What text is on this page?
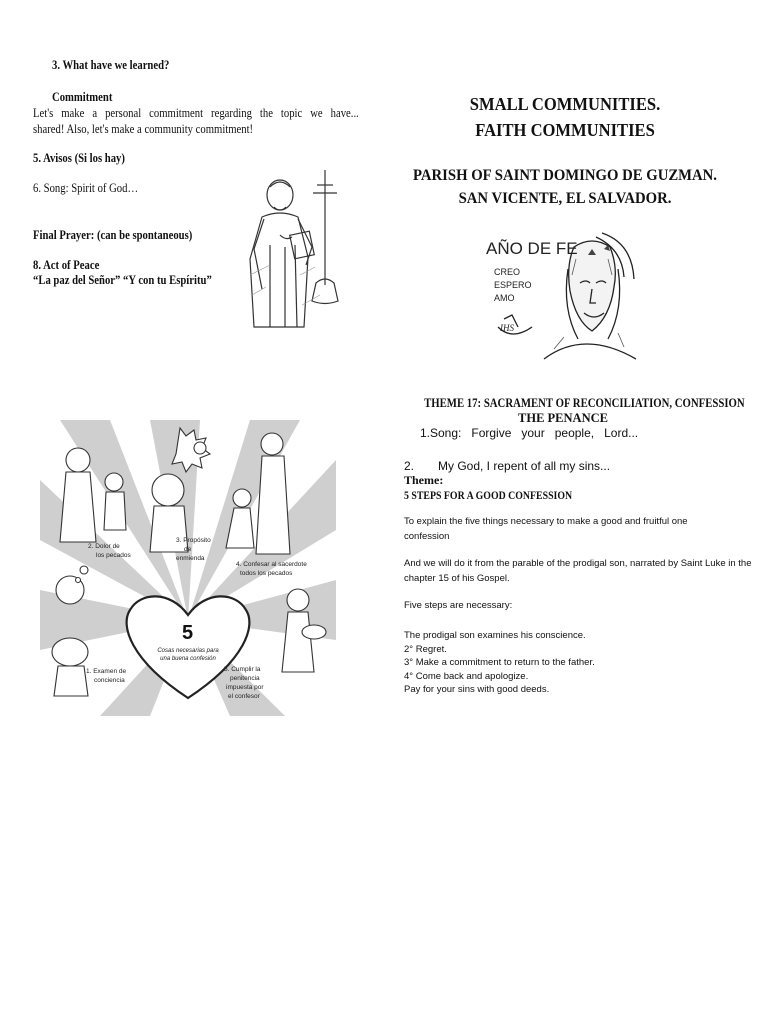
3. What have we learned?
Commitment
Let's   make   a   personal   commitment   regarding   the   topic   we   have...
shared! Also, let's make a community commitment!
5. Avisos (Si los hay)
6. Song: Spirit of God…
Final Prayer: (can be spontaneous)
8. Act of Peace
“La paz del Señor” “Y con tu Espíritu”
5
Cosas necesarias para
una buena confesión
2. Dolor de
los pecados
3. Propósito
de
enmienda
4. Confesar al sacerdote
todos los pecados
1. Examen de
conciencia
5. Cumplir la
penitencia
impuesta por
el confesor
SMALL COMMUNITIES.
FAITH COMMUNITIES
PARISH OF SAINT DOMINGO DE GUZMAN.
SAN VICENTE, EL SALVADOR.
AÑO DE FE
CREO
ESPERO
AMO
IHS
THEME 17: SACRAMENT OF RECONCILIATION, CONFESSION
THE PENANCE
1.Song:   Forgive   your   people,   Lord...
2. My God, I repent of all my sins...
Theme:
5 STEPS FOR A GOOD CONFESSION
To explain the five things necessary to make a good and fruitful one
confession
And we will do it from the parable of the prodigal son, narrated by Saint Luke in the
chapter 15 of his Gospel.
Five steps are necessary:
The prodigal son examines his conscience.
2° Regret.
3° Make a commitment to return to the father.
4° Come back and apologize.
Pay for your sins with good deeds.
